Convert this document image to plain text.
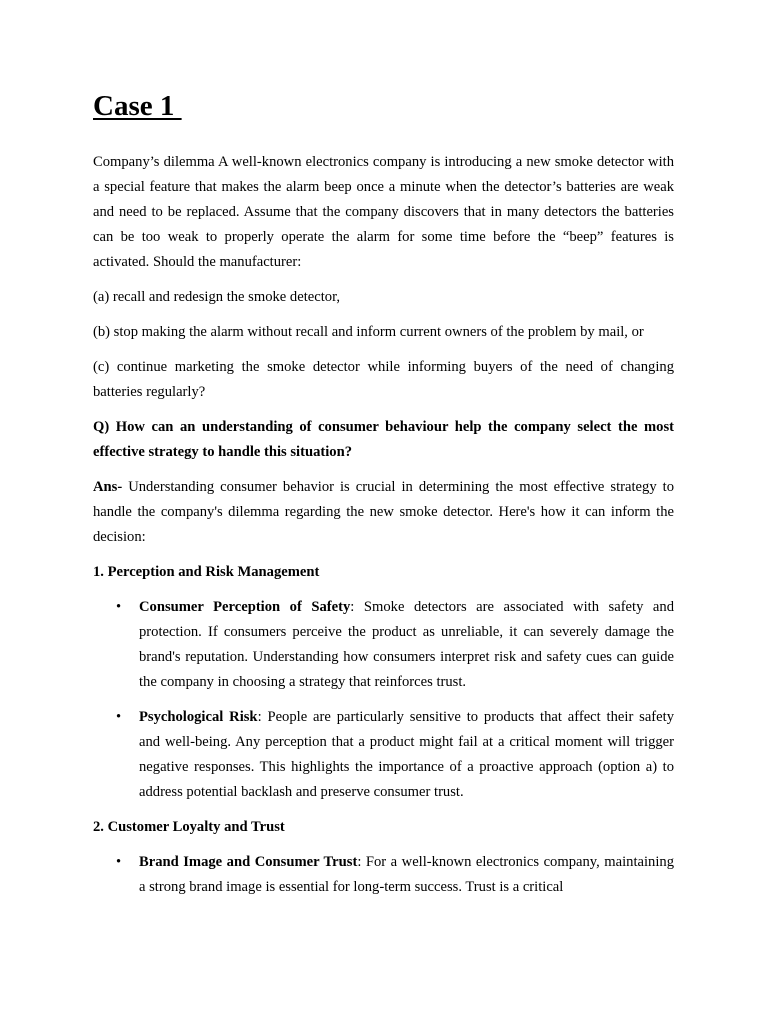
Case 1

Company’s dilemma A well-known electronics company is introducing a new smoke detector with a special feature that makes the alarm beep once a minute when the detector’s batteries are weak and need to be replaced. Assume that the company discovers that in many detectors the batteries can be too weak to properly operate the alarm for some time before the “beep” features is activated. Should the manufacturer:

(a) recall and redesign the smoke detector,

(b) stop making the alarm without recall and inform current owners of the problem by mail, or

(c) continue marketing the smoke detector while informing buyers of the need of changing batteries regularly?

Q) How can an understanding of consumer behaviour help the company select the most effective strategy to handle this situation?

Ans- Understanding consumer behavior is crucial in determining the most effective strategy to handle the company's dilemma regarding the new smoke detector. Here's how it can inform the decision:

1. Perception and Risk Management

• Consumer Perception of Safety: Smoke detectors are associated with safety and protection. If consumers perceive the product as unreliable, it can severely damage the brand's reputation. Understanding how consumers interpret risk and safety cues can guide the company in choosing a strategy that reinforces trust.
• Psychological Risk: People are particularly sensitive to products that affect their safety and well-being. Any perception that a product might fail at a critical moment will trigger negative responses. This highlights the importance of a proactive approach (option a) to address potential backlash and preserve consumer trust.

2. Customer Loyalty and Trust

• Brand Image and Consumer Trust: For a well-known electronics company, maintaining a strong brand image is essential for long-term success. Trust is a critical
